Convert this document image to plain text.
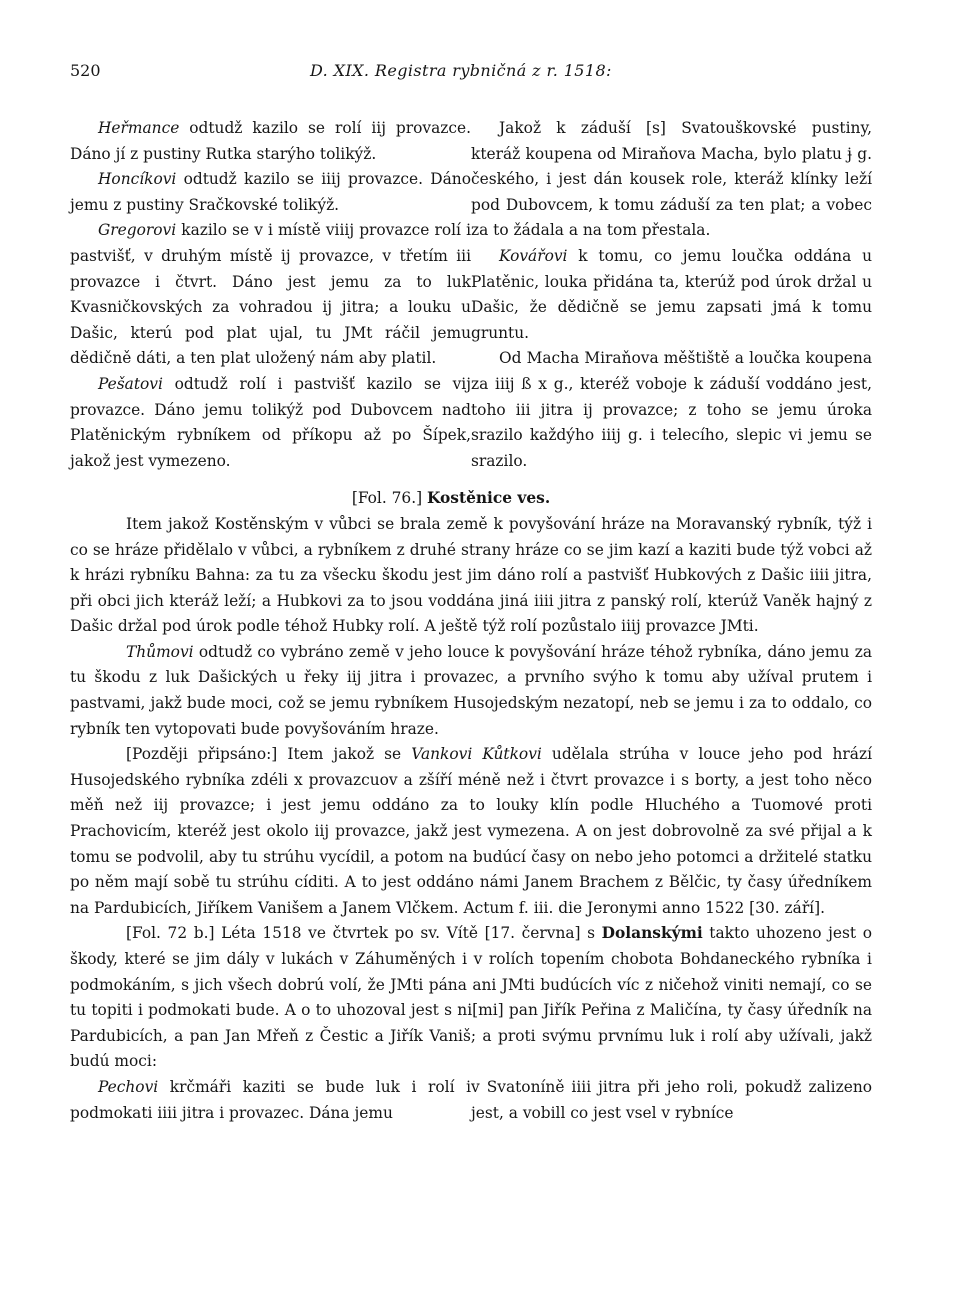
520	D. XIX. Registra rybničná z r. 1518:

Heřmance odtudž kazilo se rolí iij provazce. Dáno jí z pustiny Rutka starýho tolikýž.

Honcíkovi odtudž kazilo se iiij provazce. Dáno jemu z pustiny Sračkovské tolikýž.

Gregorovi kazilo se v i místě viiij provazce rolí i pastvišť, v druhým místě ij provazce, v třetím iii provazce i čtvrt. Dáno jest jemu za to luk Kvasničkovských za vohradou ij jitra; a louku u Dašic, kterú pod plat ujal, tu JMt ráčil jemu dědičně dáti, a ten plat uložený nám aby platil.

Pešatovi odtudž rolí i pastvišť kazilo se vij provazce. Dáno jemu tolikýž pod Dubovcem nad Platěnickým rybníkem od příkopu až po Šípek, jakož jest vymezeno.

Jakož k záduší [s] Svatouškovské pustiny, kteráž koupena od Miraňova Macha, bylo platu ɉ g. českého, i jest dán kousek role, kteráž klínky leží pod Dubovcem, k tomu záduší za ten plat; a vobec za to žádala a na tom přestala.

Kovářovi k tomu, co jemu loučka oddána u Platěnic, louka přidána ta, kterúž pod úrok držal u Dašic, že dědičně se jemu zapsati jmá k tomu gruntu.

Od Macha Miraňova měštiště a loučka koupena za iiij ß x g., kteréž voboje k záduší voddáno jest, toho iii jitra ij provazce; z toho se jemu úroka srazilo každýho iiij g. i telecího, slepic vi jemu se srazilo.

[Fol. 76.] Kostěnice ves.

Item jakož Kostěnským v vůbci se brala země k povyšování hráze na Moravanský rybník, týž i co se hráze přidělalo v vůbci, a rybníkem z druhé strany hráze co se jim kazí a kaziti bude týž vobci až k hrázi rybníku Bahna: za tu za všecku škodu jest jim dáno rolí a pastvišť Hubkových z Dašic iiii jitra, při obci jich kteráž leží; a Hubkovi za to jsou voddána jiná iiii jitra z panský rolí, kterúž Vaněk hajný z Dašic držal pod úrok podle téhož Hubky rolí. A ještě týž rolí pozůstalo iiij provazce JMti.

Thůmovi odtudž co vybráno země v jeho louce k povyšování hráze téhož rybníka, dáno jemu za tu škodu z luk Dašických u řeky iij jitra i provazec, a prvního svýho k tomu aby užíval prutem i pastvami, jakž bude moci, což se jemu rybníkem Husojedským nezatopí, neb se jemu i za to oddalo, co rybník ten vytopovati bude povyšováním hraze.

[Později připsáno:] Item jakož se Vankovi Kůtkovi udělala strúha v louce jeho pod hrází Husojedského rybníka zdéli x provazcuov a zšíří méně než i čtvrt provazce i s borty, a jest toho něco měň než iij provazce; i jest jemu oddáno za to louky klín podle Hluchého a Tuomové proti Prachovicím, kteréž jest okolo iij provazce, jakž jest vymezena. A on jest dobrovolně za své přijal a k tomu se podvolil, aby tu strúhu vycídil, a potom na budúcí časy on nebo jeho potomci a držitelé statku po něm mají sobě tu strúhu cíditi. A to jest oddáno námi Janem Brachem z Bělčic, ty časy úředníkem na Pardubicích, Jiříkem Vanišem a Janem Vlčkem. Actum f. iii. die Jeronymi anno 1522 [30. září].

[Fol. 72 b.] Léta 1518 ve čtvrtek po sv. Vítě [17. června] s Dolanskými takto uhozeno jest o škody, které se jim dály v lukách v Záhuměných i v rolích topením chobota Bohdaneckého rybníka i podmokáním, s jich všech dobrú volí, že JMti pána ani JMti budúcích víc z ničehož viniti nemají, co se tu topiti i podmokati bude. A o to uhozoval jest s ni[mi] pan Jiřík Peřina z Maličína, ty časy úředník na Pardubicích, a pan Jan Mřeň z Čestic a Jiřík Vaniš; a proti svýmu prvnímu luk i rolí aby užívali, jakž budú moci:

Pechovi krčmáři kaziti se bude luk i rolí i podmokati iiii jitra i provazec. Dána jemu

v Svatoníně iiii jitra při jeho roli, pokudž zalizeno jest, a vobill co jest vsel v rybníce
